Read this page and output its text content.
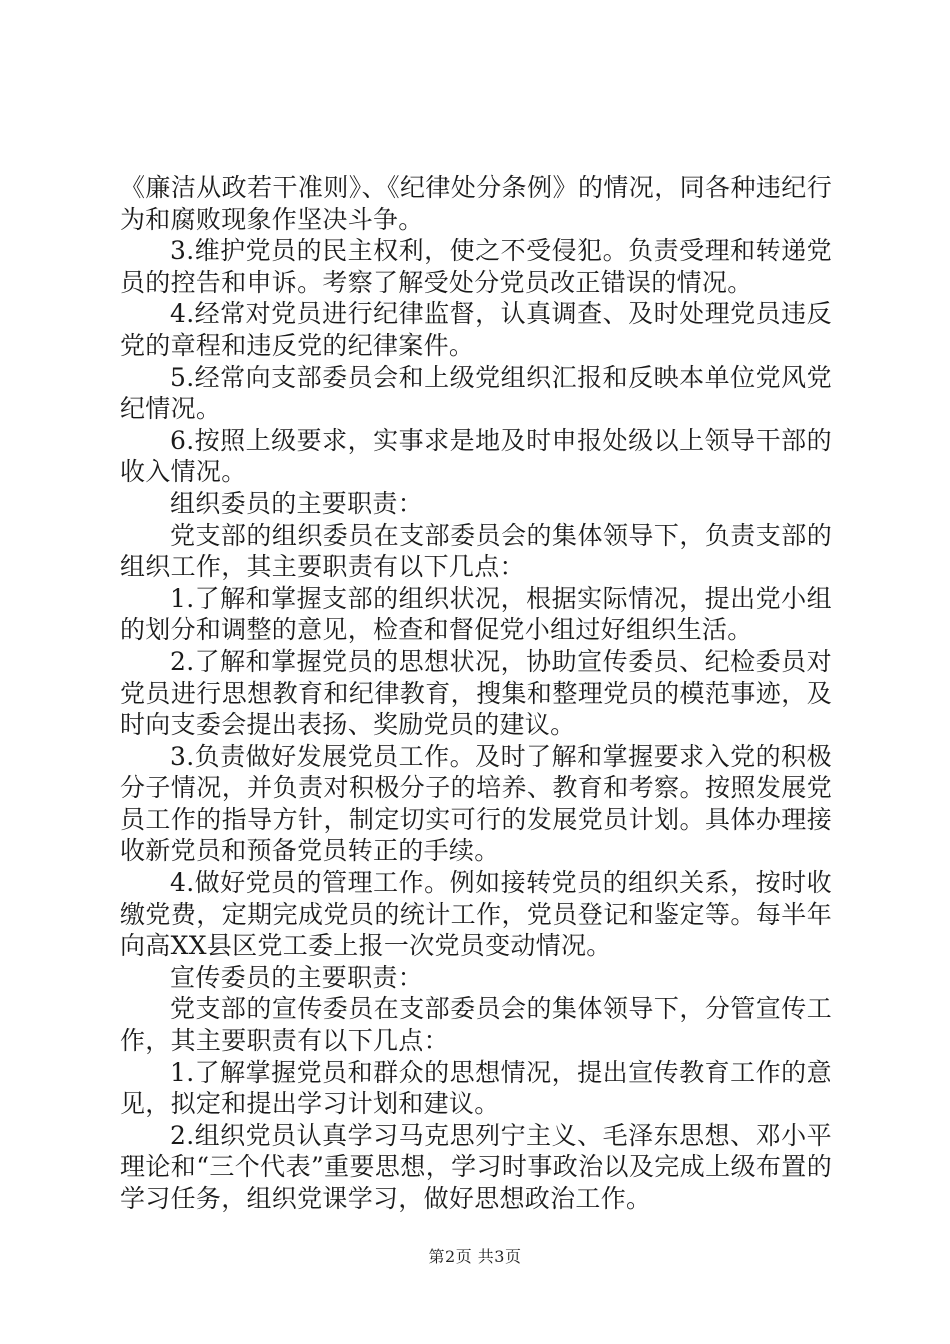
《廉洁从政若干准则》、《纪律处分条例》的情况，同各种违纪行为和腐败现象作坚决斗争。

3.维护党员的民主权利，使之不受侵犯。负责受理和转递党员的控告和申诉。考察了解受处分党员改正错误的情况。

4.经常对党员进行纪律监督，认真调查、及时处理党员违反党的章程和违反党的纪律案件。

5.经常向支部委员会和上级党组织汇报和反映本单位党风党纪情况。

6.按照上级要求，实事求是地及时申报处级以上领导干部的收入情况。

组织委员的主要职责：

党支部的组织委员在支部委员会的集体领导下，负责支部的组织工作，其主要职责有以下几点：

1.了解和掌握支部的组织状况，根据实际情况，提出党小组的划分和调整的意见，检查和督促党小组过好组织生活。

2.了解和掌握党员的思想状况，协助宣传委员、纪检委员对党员进行思想教育和纪律教育，搜集和整理党员的模范事迹，及时向支委会提出表扬、奖励党员的建议。

3.负责做好发展党员工作。及时了解和掌握要求入党的积极分子情况，并负责对积极分子的培养、教育和考察。按照发展党员工作的指导方针，制定切实可行的发展党员计划。具体办理接收新党员和预备党员转正的手续。

4.做好党员的管理工作。例如接转党员的组织关系，按时收缴党费，定期完成党员的统计工作，党员登记和鉴定等。每半年向高XX县区党工委上报一次党员变动情况。

宣传委员的主要职责：

党支部的宣传委员在支部委员会的集体领导下，分管宣传工作，其主要职责有以下几点：

1.了解掌握党员和群众的思想情况，提出宣传教育工作的意见，拟定和提出学习计划和建议。

2.组织党员认真学习马克思列宁主义、毛泽东思想、邓小平理论和“三个代表”重要思想，学习时事政治以及完成上级布置的学习任务，组织党课学习，做好思想政治工作。

第2页 共3页
